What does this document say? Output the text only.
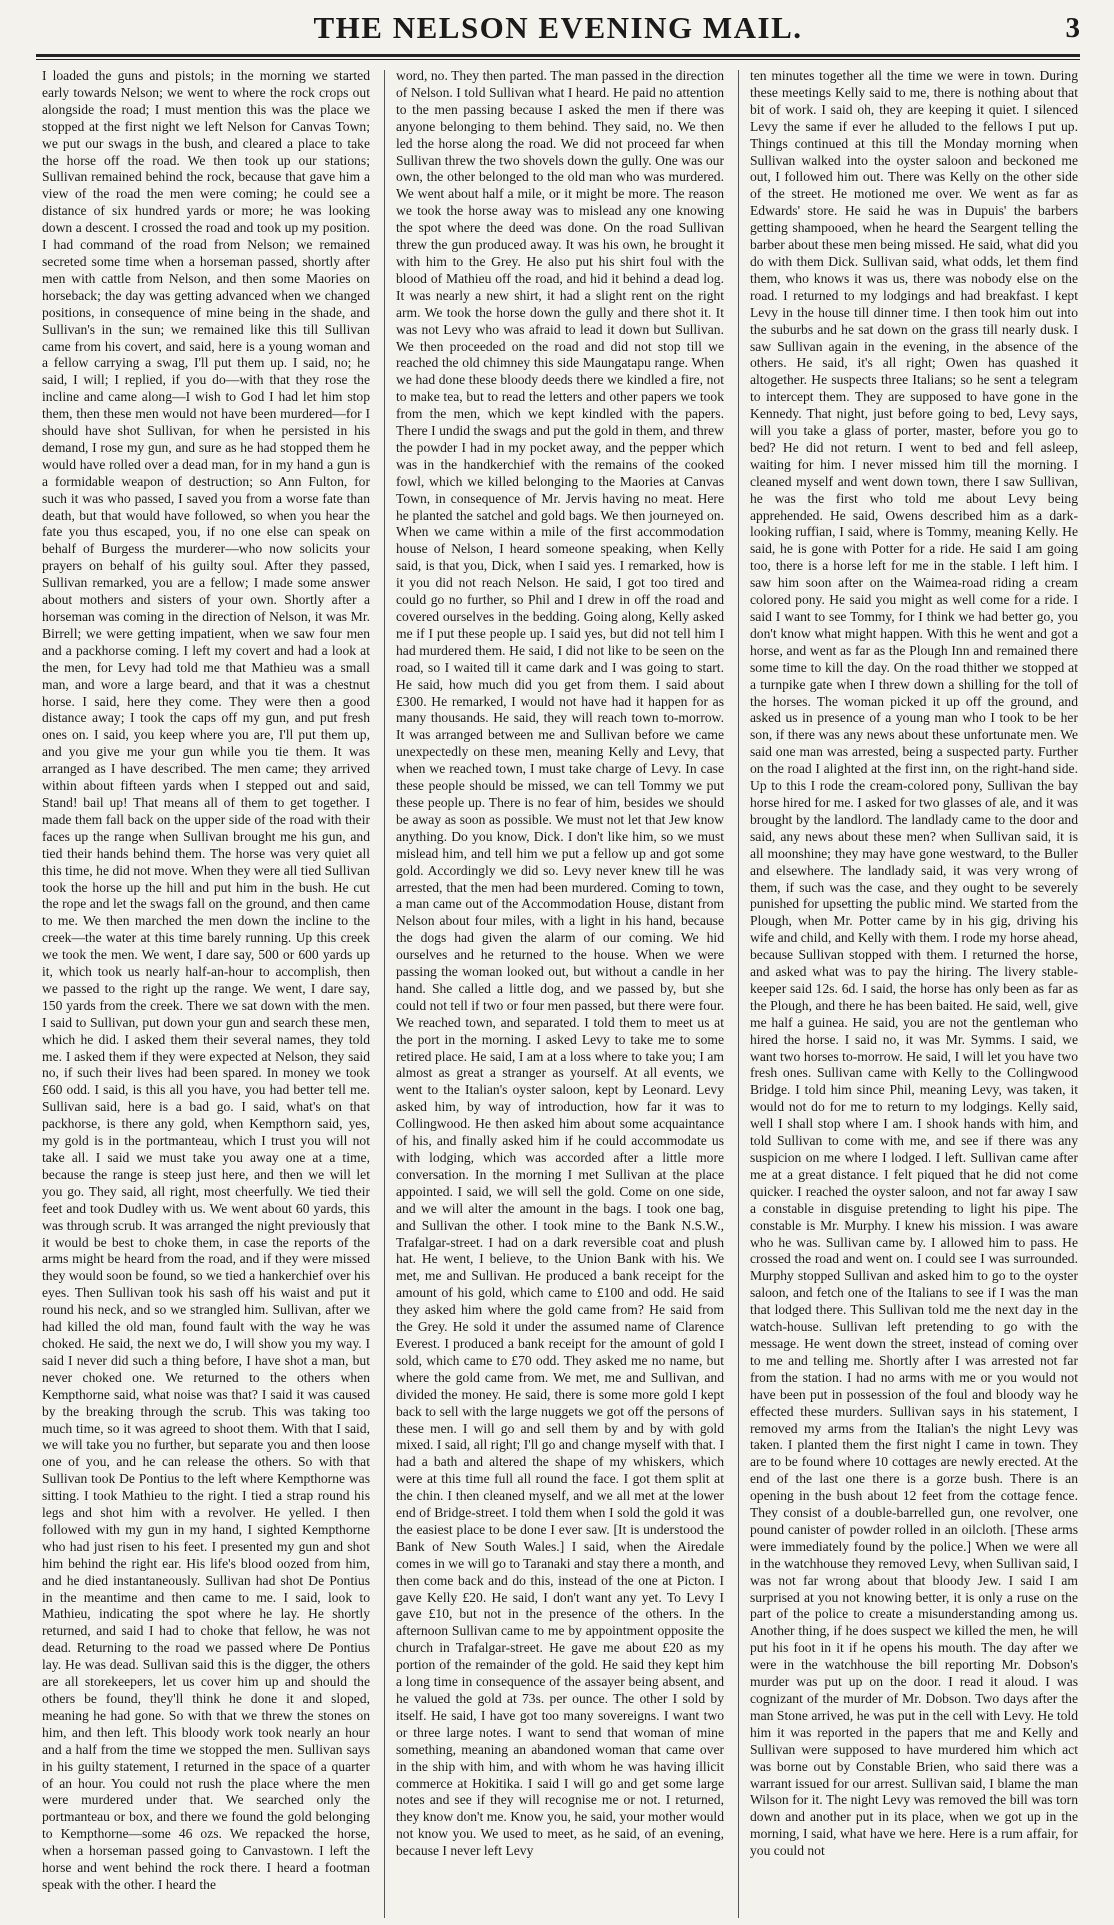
THE NELSON EVENING MAIL.	3

I loaded the guns and pistols; in the morning we started early towards Nelson; we went to where the rock crops out alongside the road; I must mention this was the place we stopped at the first night we left Nelson for Canvas Town; we put our swags in the bush, and cleared a place to take the horse off the road. We then took up our stations; Sullivan remained behind the rock, because that gave him a view of the road the men were coming; he could see a distance of six hundred yards or more; he was looking down a descent. I crossed the road and took up my position. I had command of the road from Nelson; we remained secreted some time when a horseman passed, shortly after men with cattle from Nelson, and then some Maories on horseback; the day was getting advanced when we changed positions, in consequence of mine being in the shade, and Sullivan's in the sun; we remained like this till Sullivan came from his covert, and said, here is a young woman and a fellow carrying a swag, I'll put them up. I said, no; he said, I will; I replied, if you do—with that they rose the incline and came along—I wish to God I had let him stop them, then these men would not have been murdered—for I should have shot Sullivan, for when he persisted in his demand, I rose my gun, and sure as he had stopped them he would have rolled over a dead man, for in my hand a gun is a formidable weapon of destruction; so Ann Fulton, for such it was who passed, I saved you from a worse fate than death, but that would have followed, so when you hear the fate you thus escaped, you, if no one else can speak on behalf of Burgess the murderer—who now solicits your prayers on behalf of his guilty soul. After they passed, Sullivan remarked, you are a fellow; I made some answer about mothers and sisters of your own. Shortly after a horseman was coming in the direction of Nelson, it was Mr. Birrell; we were getting impatient, when we saw four men and a packhorse coming. I left my covert and had a look at the men, for Levy had told me that Mathieu was a small man, and wore a large beard, and that it was a chestnut horse. I said, here they come. They were then a good distance away; I took the caps off my gun, and put fresh ones on. I said, you keep where you are, I'll put them up, and you give me your gun while you tie them. It was arranged as I have described. The men came; they arrived within about fifteen yards when I stepped out and said, Stand! bail up! That means all of them to get together. I made them fall back on the upper side of the road with their faces up the range when Sullivan brought me his gun, and tied their hands behind them. The horse was very quiet all this time, he did not move. When they were all tied Sullivan took the horse up the hill and put him in the bush. He cut the rope and let the swags fall on the ground, and then came to me. We then marched the men down the incline to the creek—the water at this time barely running. Up this creek we took the men. We went, I dare say, 500 or 600 yards up it, which took us nearly half-an-hour to accomplish, then we passed to the right up the range. We went, I dare say, 150 yards from the creek. There we sat down with the men. I said to Sullivan, put down your gun and search these men, which he did. I asked them their several names, they told me. I asked them if they were expected at Nelson, they said no, if such their lives had been spared. In money we took £60 odd. I said, is this all you have, you had better tell me. Sullivan said, here is a bad go. I said, what's on that packhorse, is there any gold, when Kempthorn said, yes, my gold is in the portmanteau, which I trust you will not take all. I said we must take you away one at a time, because the range is steep just here, and then we will let you go. They said, all right, most cheerfully. We tied their feet and took Dudley with us. We went about 60 yards, this was through scrub. It was arranged the night previously that it would be best to choke them, in case the reports of the arms might be heard from the road, and if they were missed they would soon be found, so we tied a hankerchief over his eyes. Then Sullivan took his sash off his waist and put it round his neck, and so we strangled him. Sullivan, after we had killed the old man, found fault with the way he was choked. He said, the next we do, I will show you my way. I said I never did such a thing before, I have shot a man, but never choked one. We returned to the others when Kempthorne said, what noise was that? I said it was caused by the breaking through the scrub. This was taking too much time, so it was agreed to shoot them. With that I said, we will take you no further, but separate you and then loose one of you, and he can release the others. So with that Sullivan took De Pontius to the left where Kempthorne was sitting. I took Mathieu to the right. I tied a strap round his legs and shot him with a revolver. He yelled. I then followed with my gun in my hand, I sighted Kempthorne who had just risen to his feet. I presented my gun and shot him behind the right ear. His life's blood oozed from him, and he died instantaneously. Sullivan had shot De Pontius in the meantime and then came to me. I said, look to Mathieu, indicating the spot where he lay. He shortly returned, and said I had to choke that fellow, he was not dead. Returning to the road we passed where De Pontius lay. He was dead. Sullivan said this is the digger, the others are all storekeepers, let us cover him up and should the others be found, they'll think he done it and sloped, meaning he had gone. So with that we threw the stones on him, and then left. This bloody work took nearly an hour and a half from the time we stopped the men. Sullivan says in his guilty statement, I returned in the space of a quarter of an hour. You could not rush the place where the men were murdered under that. We searched only the portmanteau or box, and there we found the gold belonging to Kempthorne—some 46 ozs. We repacked the horse, when a horseman passed going to Canvastown. I left the horse and went behind the rock there. I heard a footman speak with the other. I heard the

word, no. They then parted. The man passed in the direction of Nelson. I told Sullivan what I heard. He paid no attention to the men passing because I asked the men if there was anyone belonging to them behind. They said, no. We then led the horse along the road. We did not proceed far when Sullivan threw the two shovels down the gully. One was our own, the other belonged to the old man who was murdered. We went about half a mile, or it might be more. The reason we took the horse away was to mislead any one knowing the spot where the deed was done. On the road Sullivan threw the gun produced away. It was his own, he brought it with him to the Grey. He also put his shirt foul with the blood of Mathieu off the road, and hid it behind a dead log. It was nearly a new shirt, it had a slight rent on the right arm. We took the horse down the gully and there shot it. It was not Levy who was afraid to lead it down but Sullivan. We then proceeded on the road and did not stop till we reached the old chimney this side Maungatapu range. When we had done these bloody deeds there we kindled a fire, not to make tea, but to read the letters and other papers we took from the men, which we kept kindled with the papers. There I undid the swags and put the gold in them, and threw the powder I had in my pocket away, and the pepper which was in the handkerchief with the remains of the cooked fowl, which we killed belonging to the Maories at Canvas Town, in consequence of Mr. Jervis having no meat. Here he planted the satchel and gold bags. We then journeyed on. When we came within a mile of the first accommodation house of Nelson, I heard someone speaking, when Kelly said, is that you, Dick, when I said yes. I remarked, how is it you did not reach Nelson. He said, I got too tired and could go no further, so Phil and I drew in off the road and covered ourselves in the bedding. Going along, Kelly asked me if I put these people up. I said yes, but did not tell him I had murdered them. He said, I did not like to be seen on the road, so I waited till it came dark and I was going to start. He said, how much did you get from them. I said about £300. He remarked, I would not have had it happen for as many thousands. He said, they will reach town to-morrow. It was arranged between me and Sullivan before we came unexpectedly on these men, meaning Kelly and Levy, that when we reached town, I must take charge of Levy. In case these people should be missed, we can tell Tommy we put these people up. There is no fear of him, besides we should be away as soon as possible. We must not let that Jew know anything. Do you know, Dick. I don't like him, so we must mislead him, and tell him we put a fellow up and got some gold. Accordingly we did so. Levy never knew till he was arrested, that the men had been murdered. Coming to town, a man came out of the Accommodation House, distant from Nelson about four miles, with a light in his hand, because the dogs had given the alarm of our coming. We hid ourselves and he returned to the house. When we were passing the woman looked out, but without a candle in her hand. She called a little dog, and we passed by, but she could not tell if two or four men passed, but there were four. We reached town, and separated. I told them to meet us at the port in the morning. I asked Levy to take me to some retired place. He said, I am at a loss where to take you; I am almost as great a stranger as yourself. At all events, we went to the Italian's oyster saloon, kept by Leonard. Levy asked him, by way of introduction, how far it was to Collingwood. He then asked him about some acquaintance of his, and finally asked him if he could accommodate us with lodging, which was accorded after a little more conversation. In the morning I met Sullivan at the place appointed. I said, we will sell the gold. Come on one side, and we will alter the amount in the bags. I took one bag, and Sullivan the other. I took mine to the Bank N.S.W., Trafalgar-street. I had on a dark reversible coat and plush hat. He went, I believe, to the Union Bank with his. We met, me and Sullivan. He produced a bank receipt for the amount of his gold, which came to £100 and odd. He said they asked him where the gold came from? He said from the Grey. He sold it under the assumed name of Clarence Everest. I produced a bank receipt for the amount of gold I sold, which came to £70 odd. They asked me no name, but where the gold came from. We met, me and Sullivan, and divided the money. He said, there is some more gold I kept back to sell with the large nuggets we got off the persons of these men. I will go and sell them by and by with gold mixed. I said, all right; I'll go and change myself with that. I had a bath and altered the shape of my whiskers, which were at this time full all round the face. I got them split at the chin. I then cleaned myself, and we all met at the lower end of Bridge-street. I told them when I sold the gold it was the easiest place to be done I ever saw. [It is understood the Bank of New South Wales.] I said, when the Airedale comes in we will go to Taranaki and stay there a month, and then come back and do this, instead of the one at Picton. I gave Kelly £20. He said, I don't want any yet. To Levy I gave £10, but not in the presence of the others. In the afternoon Sullivan came to me by appointment opposite the church in Trafalgar-street. He gave me about £20 as my portion of the remainder of the gold. He said they kept him a long time in consequence of the assayer being absent, and he valued the gold at 73s. per ounce. The other I sold by itself. He said, I have got too many sovereigns. I want two or three large notes. I want to send that woman of mine something, meaning an abandoned woman that came over in the ship with him, and with whom he was having illicit commerce at Hokitika. I said I will go and get some large notes and see if they will recognise me or not. I returned, they know don't me. Know you, he said, your mother would not know you. We used to meet, as he said, of an evening, because I never left Levy

ten minutes together all the time we were in town. During these meetings Kelly said to me, there is nothing about that bit of work. I said oh, they are keeping it quiet. I silenced Levy the same if ever he alluded to the fellows I put up. Things continued at this till the Monday morning when Sullivan walked into the oyster saloon and beckoned me out, I followed him out. There was Kelly on the other side of the street. He motioned me over. We went as far as Edwards' store. He said he was in Dupuis' the barbers getting shampooed, when he heard the Seargent telling the barber about these men being missed. He said, what did you do with them Dick. Sullivan said, what odds, let them find them, who knows it was us, there was nobody else on the road. I returned to my lodgings and had breakfast. I kept Levy in the house till dinner time. I then took him out into the suburbs and he sat down on the grass till nearly dusk. I saw Sullivan again in the evening, in the absence of the others. He said, it's all right; Owen has quashed it altogether. He suspects three Italians; so he sent a telegram to intercept them. They are supposed to have gone in the Kennedy. That night, just before going to bed, Levy says, will you take a glass of porter, master, before you go to bed? He did not return. I went to bed and fell asleep, waiting for him. I never missed him till the morning. I cleaned myself and went down town, there I saw Sullivan, he was the first who told me about Levy being apprehended. He said, Owens described him as a dark-looking ruffian, I said, where is Tommy, meaning Kelly. He said, he is gone with Potter for a ride. He said I am going too, there is a horse left for me in the stable. I left him. I saw him soon after on the Waimea-road riding a cream colored pony. He said you might as well come for a ride. I said I want to see Tommy, for I think we had better go, you don't know what might happen. With this he went and got a horse, and went as far as the Plough Inn and remained there some time to kill the day. On the road thither we stopped at a turnpike gate when I threw down a shilling for the toll of the horses. The woman picked it up off the ground, and asked us in presence of a young man who I took to be her son, if there was any news about these unfortunate men. We said one man was arrested, being a suspected party. Further on the road I alighted at the first inn, on the right-hand side. Up to this I rode the cream-colored pony, Sullivan the bay horse hired for me. I asked for two glasses of ale, and it was brought by the landlord. The landlady came to the door and said, any news about these men? when Sullivan said, it is all moonshine; they may have gone westward, to the Buller and elsewhere. The landlady said, it was very wrong of them, if such was the case, and they ought to be severely punished for upsetting the public mind. We started from the Plough, when Mr. Potter came by in his gig, driving his wife and child, and Kelly with them. I rode my horse ahead, because Sullivan stopped with them. I returned the horse, and asked what was to pay the hiring. The livery stable-keeper said 12s. 6d. I said, the horse has only been as far as the Plough, and there he has been baited. He said, well, give me half a guinea. He said, you are not the gentleman who hired the horse. I said no, it was Mr. Symms. I said, we want two horses to-morrow. He said, I will let you have two fresh ones. Sullivan came with Kelly to the Collingwood Bridge. I told him since Phil, meaning Levy, was taken, it would not do for me to return to my lodgings. Kelly said, well I shall stop where I am. I shook hands with him, and told Sullivan to come with me, and see if there was any suspicion on me where I lodged. I left. Sullivan came after me at a great distance. I felt piqued that he did not come quicker. I reached the oyster saloon, and not far away I saw a constable in disguise pretending to light his pipe. The constable is Mr. Murphy. I knew his mission. I was aware who he was. Sullivan came by. I allowed him to pass. He crossed the road and went on. I could see I was surrounded. Murphy stopped Sullivan and asked him to go to the oyster saloon, and fetch one of the Italians to see if I was the man that lodged there. This Sullivan told me the next day in the watch-house. Sullivan left pretending to go with the message. He went down the street, instead of coming over to me and telling me. Shortly after I was arrested not far from the station. I had no arms with me or you would not have been put in possession of the foul and bloody way he effected these murders. Sullivan says in his statement, I removed my arms from the Italian's the night Levy was taken. I planted them the first night I came in town. They are to be found where 10 cottages are newly erected. At the end of the last one there is a gorze bush. There is an opening in the bush about 12 feet from the cottage fence. They consist of a double-barrelled gun, one revolver, one pound canister of powder rolled in an oilcloth. [These arms were immediately found by the police.] When we were all in the watchhouse they removed Levy, when Sullivan said, I was not far wrong about that bloody Jew. I said I am surprised at you not knowing better, it is only a ruse on the part of the police to create a misunderstanding among us. Another thing, if he does suspect we killed the men, he will put his foot in it if he opens his mouth. The day after we were in the watchhouse the bill reporting Mr. Dobson's murder was put up on the door. I read it aloud. I was cognizant of the murder of Mr. Dobson. Two days after the man Stone arrived, he was put in the cell with Levy. He told him it was reported in the papers that me and Kelly and Sullivan were supposed to have murdered him which act was borne out by Constable Brien, who said there was a warrant issued for our arrest. Sullivan said, I blame the man Wilson for it. The night Levy was removed the bill was torn down and another put in its place, when we got up in the morning, I said, what have we here. Here is a rum affair, for you could not
